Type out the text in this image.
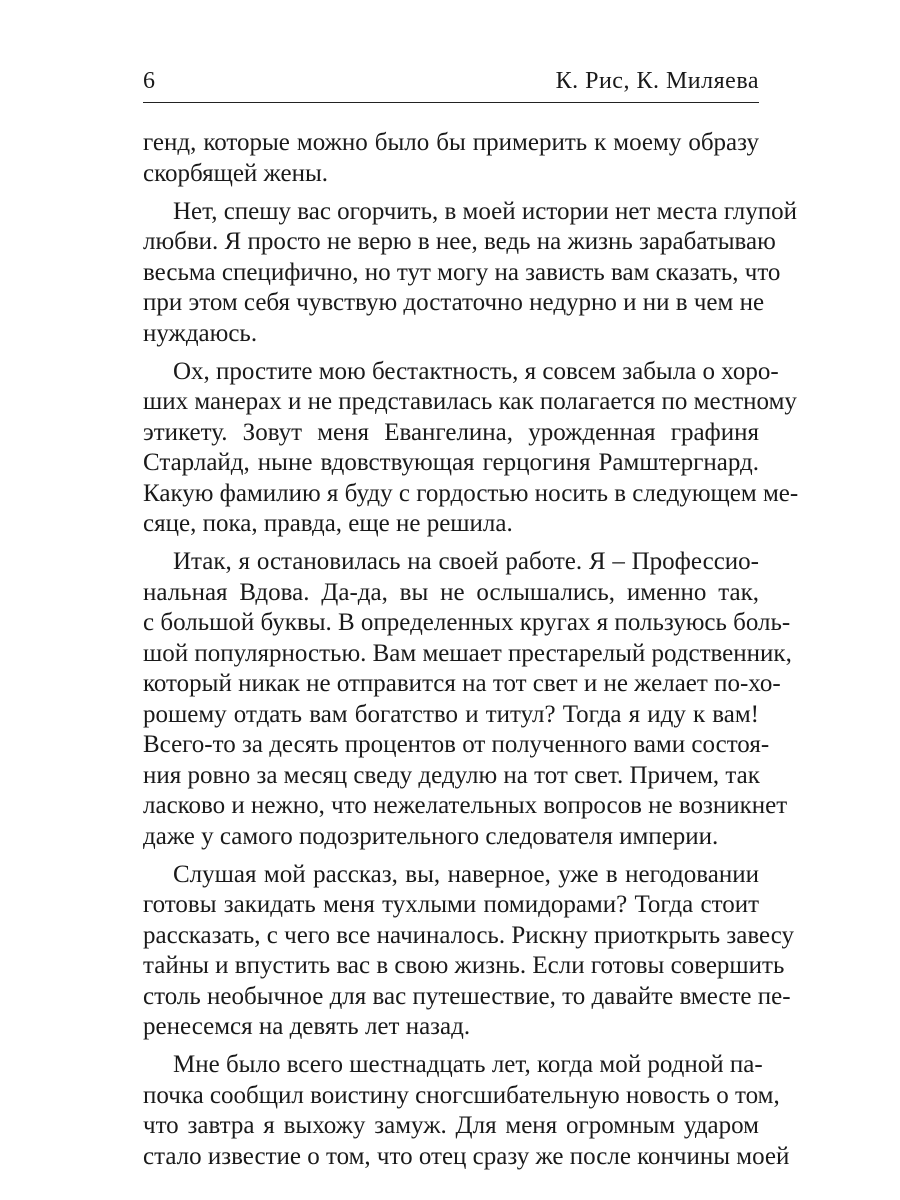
6	К. Рис, К. Миляева
генд, которые можно было бы примерить к моему образу
скорбящей жены.
Нет, спешу вас огорчить, в моей истории нет места глупой
любви. Я просто не верю в нее, ведь на жизнь зарабатываю
весьма специфично, но тут могу на зависть вам сказать, что
при этом себя чувствую достаточно недурно и ни в чем не
нуждаюсь.
Ох, простите мою бестактность, я совсем забыла о хоро-
ших манерах и не представилась как полагается по местному
этикету. Зовут меня Евангелина, урожденная графиня
Старлайд, ныне вдовствующая герцогиня Рамштергнард.
Какую фамилию я буду с гордостью носить в следующем ме-
сяце, пока, правда, еще не решила.
Итак, я остановилась на своей работе. Я – Профессио-
нальная Вдова. Да-да, вы не ослышались, именно так,
с большой буквы. В определенных кругах я пользуюсь боль-
шой популярностью. Вам мешает престарелый родственник,
который никак не отправится на тот свет и не желает по-хо-
рошему отдать вам богатство и титул? Тогда я иду к вам!
Всего-то за десять процентов от полученного вами состоя-
ния ровно за месяц сведу дедулю на тот свет. Причем, так
ласково и нежно, что нежелательных вопросов не возникнет
даже у самого подозрительного следователя империи.
Слушая мой рассказ, вы, наверное, уже в негодовании
готовы закидать меня тухлыми помидорами? Тогда стоит
рассказать, с чего все начиналось. Рискну приоткрыть завесу
тайны и впустить вас в свою жизнь. Если готовы совершить
столь необычное для вас путешествие, то давайте вместе пе-
ренесемся на девять лет назад.
Мне было всего шестнадцать лет, когда мой родной па-
почка сообщил воистину сногсшибательную новость о том,
что завтра я выхожу замуж. Для меня огромным ударом
стало известие о том, что отец сразу же после кончины моей
